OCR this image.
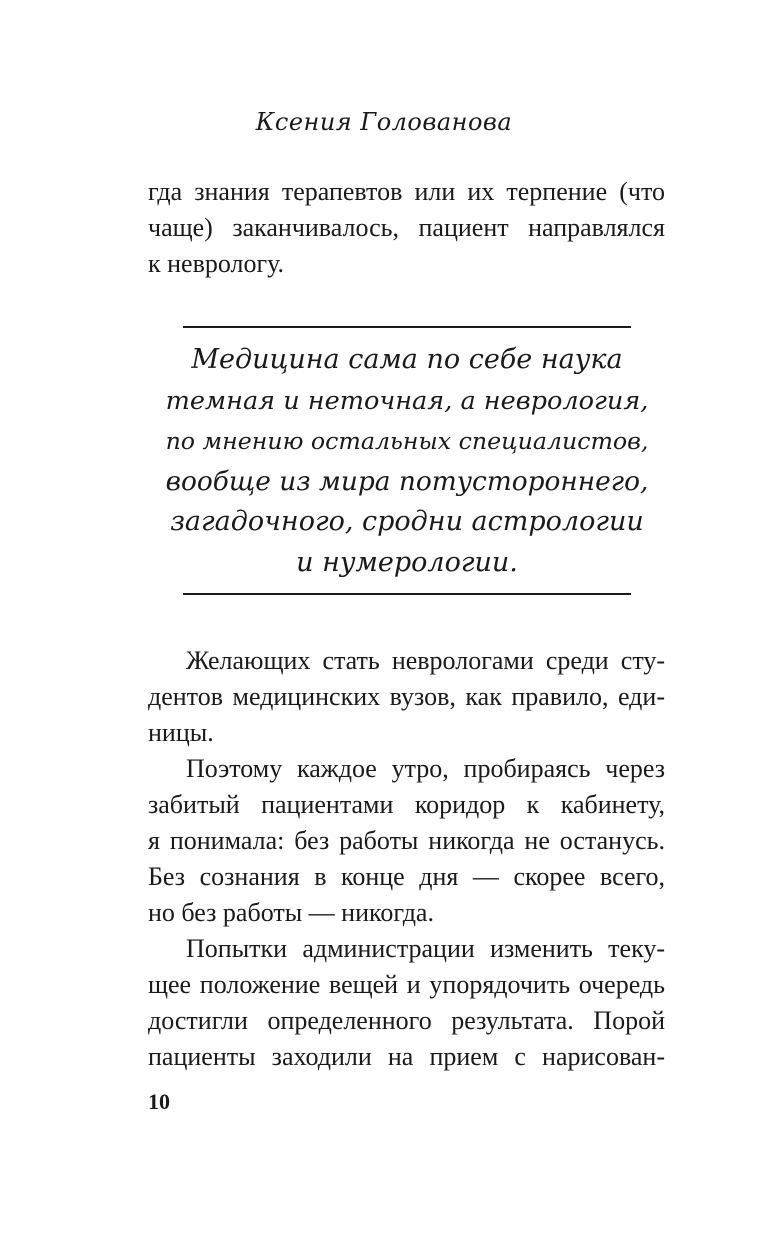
Ксения Голованова
гда знания терапевтов или их терпение (что
чаще) заканчивалось, пациент направлялся
к неврологу.
Медицина сама по себе наука
темная и неточная, а неврология,
по мнению остальных специалистов,
вообще из мира потустороннего,
загадочного, сродни астрологии
и нумерологии.
Желающих стать неврологами среди сту-
дентов медицинских вузов, как правило, еди-
ницы.
Поэтому каждое утро, пробираясь через
забитый пациентами коридор к кабинету,
я понимала: без работы никогда не останусь.
Без сознания в конце дня — скорее всего,
но без работы — никогда.
Попытки администрации изменить теку-
щее положение вещей и упорядочить очередь
достигли определенного результата. Порой
пациенты заходили на прием с нарисован-
10
